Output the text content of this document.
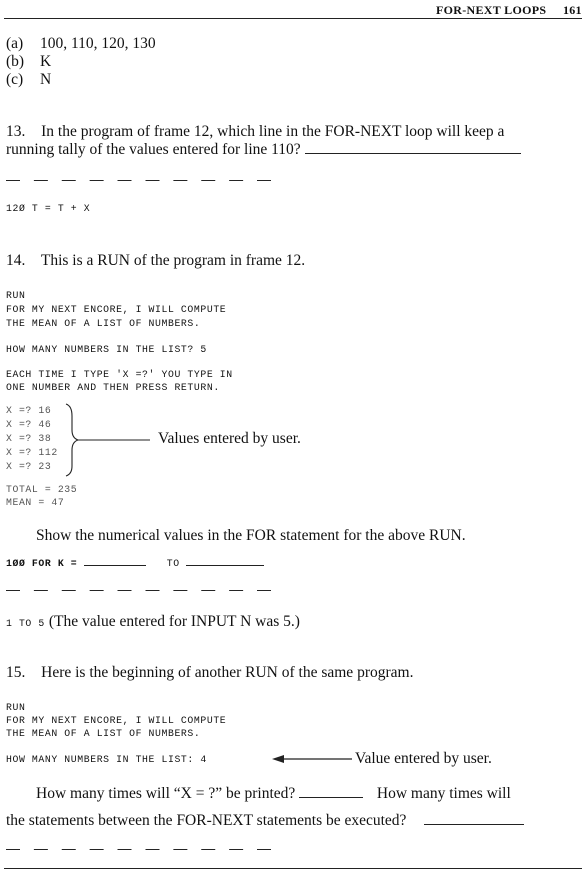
FOR-NEXT LOOPS 161
(a) 100, 110, 120, 130
(b) K
(c) N
13. In the program of frame 12, which line in the FOR-NEXT loop will keep a
running tally of the values entered for line 110?
— — — — — — — — — —
12Ø T = T + X
14. This is a RUN of the program in frame 12.
RUN
FOR MY NEXT ENCORE, I WILL COMPUTE
THE MEAN OF A LIST OF NUMBERS.
HOW MANY NUMBERS IN THE LIST? 5
EACH TIME I TYPE 'X =?' YOU TYPE IN
ONE NUMBER AND THEN PRESS RETURN.
X =? 16
X =? 46
X =? 38
X =? 112
X =? 23
Values entered by user.
TOTAL = 235
MEAN = 47
Show the numerical values in the FOR statement for the above RUN.
1ØØ FOR K =	TO
— — — — — — — — — —
1 TO 5 (The value entered for INPUT N was 5.)
15. Here is the beginning of another RUN of the same program.
RUN
FOR MY NEXT ENCORE, I WILL COMPUTE
THE MEAN OF A LIST OF NUMBERS.
HOW MANY NUMBERS IN THE LIST: 4	Value entered by user.
How many times will “X = ?” be printed?	How many times will
the statements between the FOR-NEXT statements be executed?
— — — — — — — — — —
